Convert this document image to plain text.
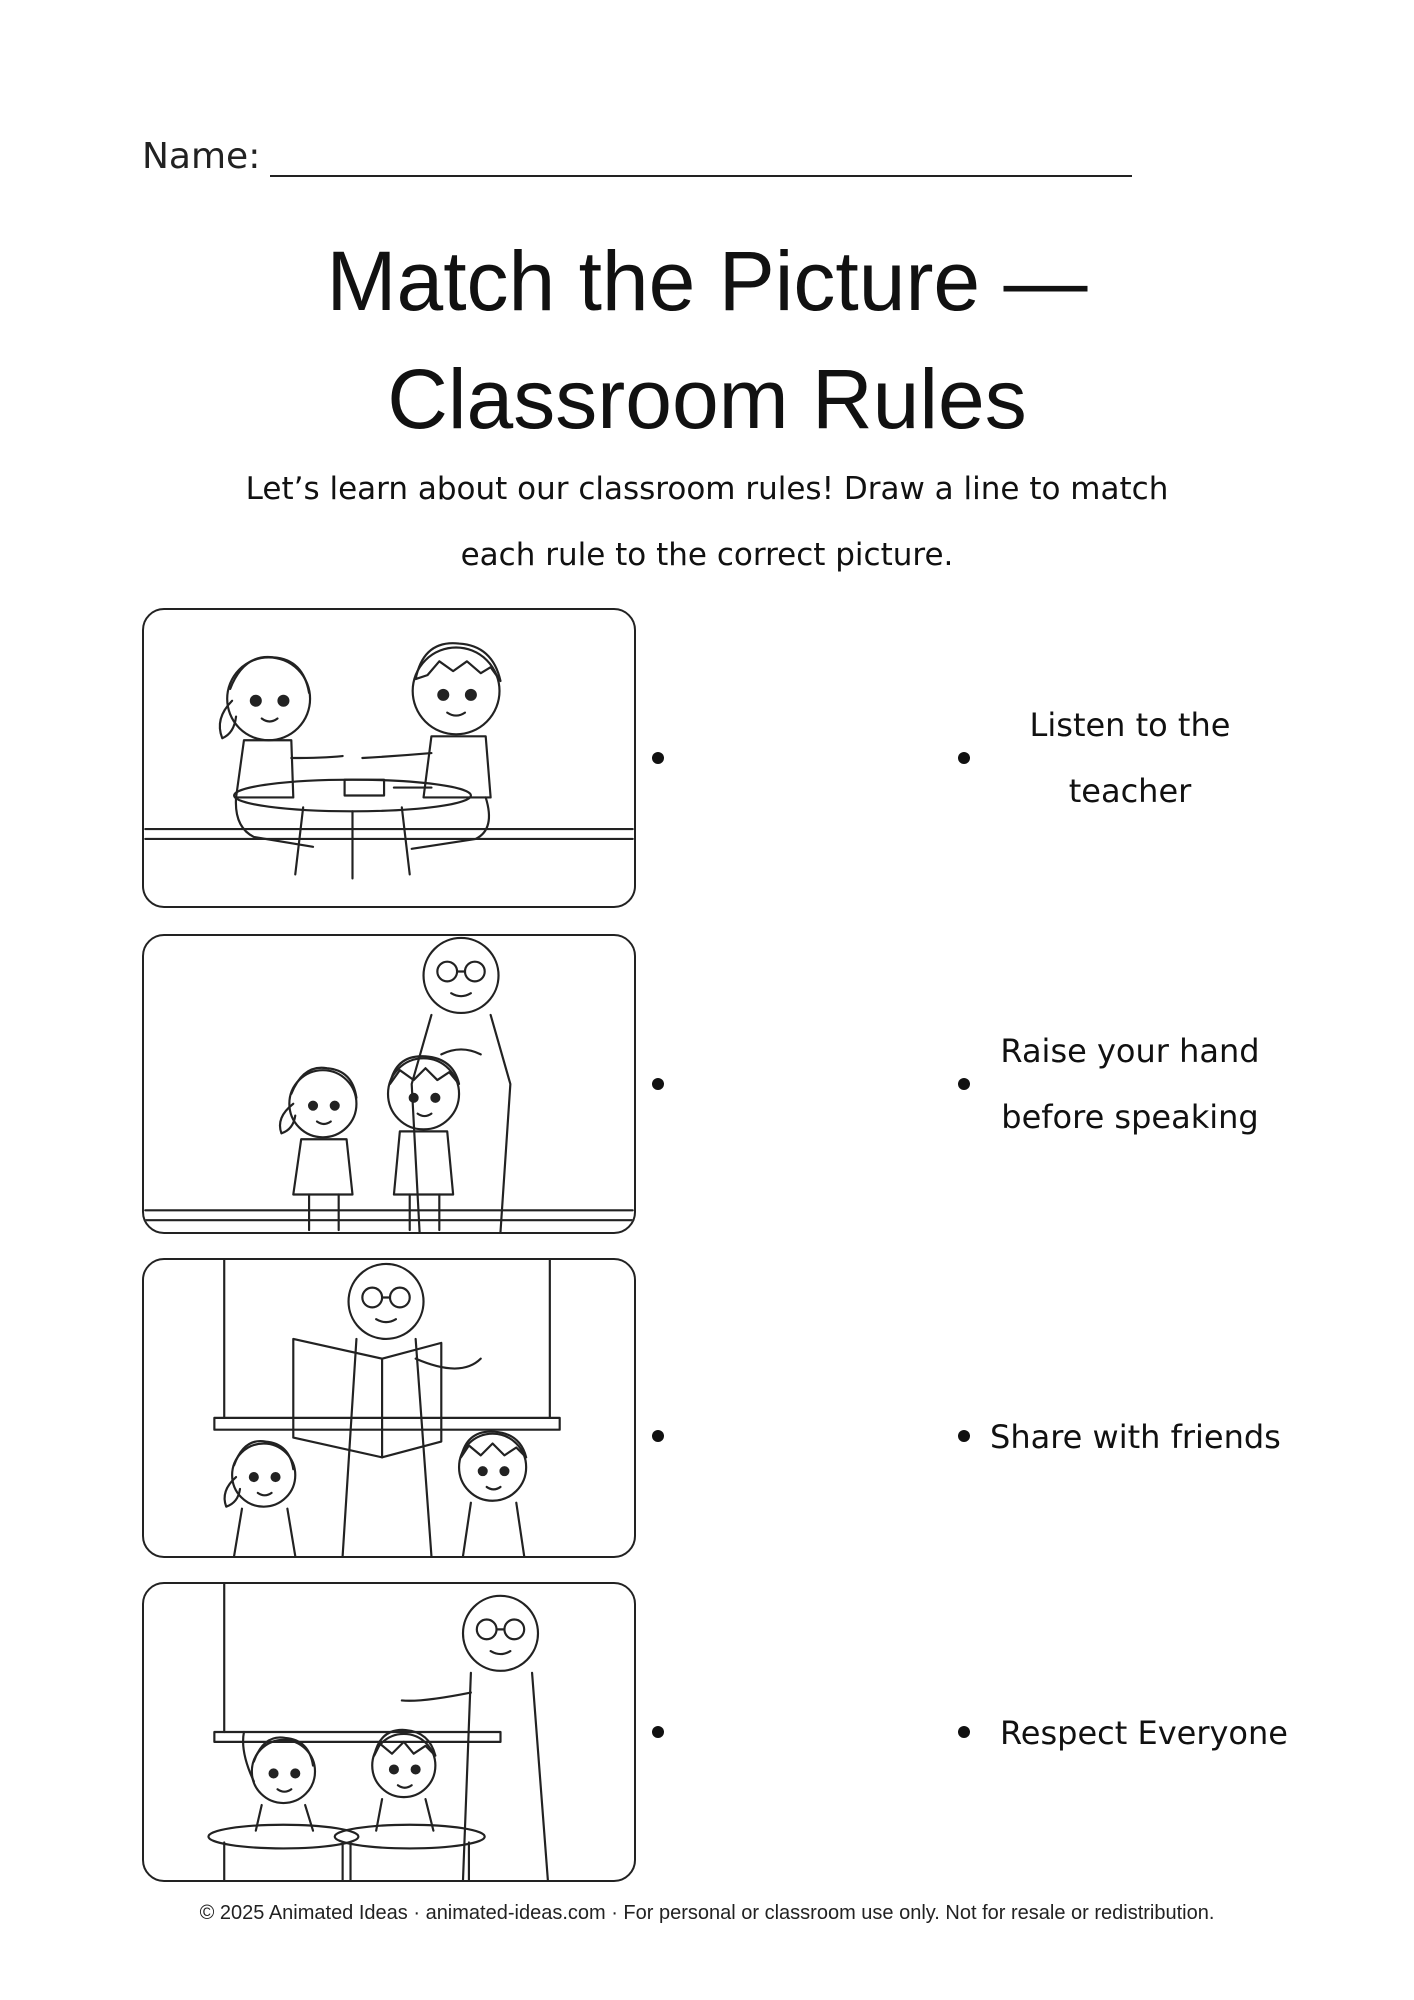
Name:
Match the Picture —
Classroom Rules
Let’s learn about our classroom rules! Draw a line to match
each rule to the correct picture.
Listen to the
teacher
Raise your hand
before speaking
Share with friends
Respect Everyone
© 2025 Animated Ideas · animated-ideas.com · For personal or classroom use only. Not for resale or redistribution.
